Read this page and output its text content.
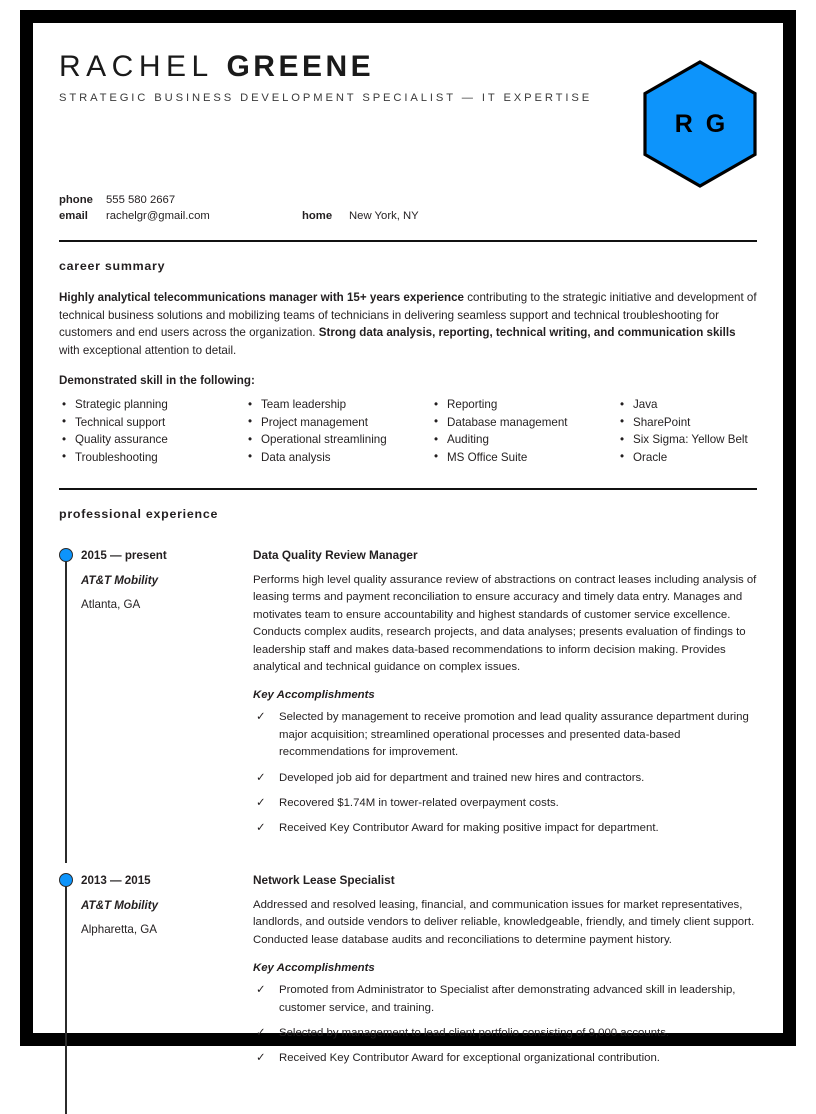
RACHEL GREENE
STRATEGIC BUSINESS DEVELOPMENT SPECIALIST — IT EXPERTISE
R G
phone	555 580 2667
email	rachelgr@gmail.com	home	New York, NY
career summary
Highly analytical telecommunications manager with 15+ years experience contributing to the strategic initiative and development of technical business solutions and mobilizing teams of technicians in delivering seamless support and technical troubleshooting for customers and end users across the organization. Strong data analysis, reporting, technical writing, and communication skills with exceptional attention to detail.
Demonstrated skill in the following:
• Strategic planning	• Team leadership	• Reporting	• Java
• Technical support	• Project management	• Database management	• SharePoint
• Quality assurance	• Operational streamlining	• Auditing	• Six Sigma: Yellow Belt
• Troubleshooting	• Data analysis	• MS Office Suite	• Oracle
professional experience
2015 — present
AT&T Mobility
Atlanta, GA
Data Quality Review Manager
Performs high level quality assurance review of abstractions on contract leases including analysis of leasing terms and payment reconciliation to ensure accuracy and timely data entry. Manages and motivates team to ensure accountability and highest standards of customer service excellence. Conducts complex audits, research projects, and data analyses; presents evaluation of findings to leadership staff and makes data-based recommendations to inform decision making. Provides analytical and technical guidance on complex issues.
Key Accomplishments
✓ Selected by management to receive promotion and lead quality assurance department during major acquisition; streamlined operational processes and presented data-based recommendations for improvement.
✓ Developed job aid for department and trained new hires and contractors.
✓ Recovered $1.74M in tower-related overpayment costs.
✓ Received Key Contributor Award for making positive impact for department.
2013 — 2015
AT&T Mobility
Alpharetta, GA
Network Lease Specialist
Addressed and resolved leasing, financial, and communication issues for market representatives, landlords, and outside vendors to deliver reliable, knowledgeable, friendly, and timely client support. Conducted lease database audits and reconciliations to determine payment history.
Key Accomplishments
✓ Promoted from Administrator to Specialist after demonstrating advanced skill in leadership, customer service, and training.
✓ Selected by management to lead client portfolio consisting of 9,000 accounts.
✓ Received Key Contributor Award for exceptional organizational contribution.
